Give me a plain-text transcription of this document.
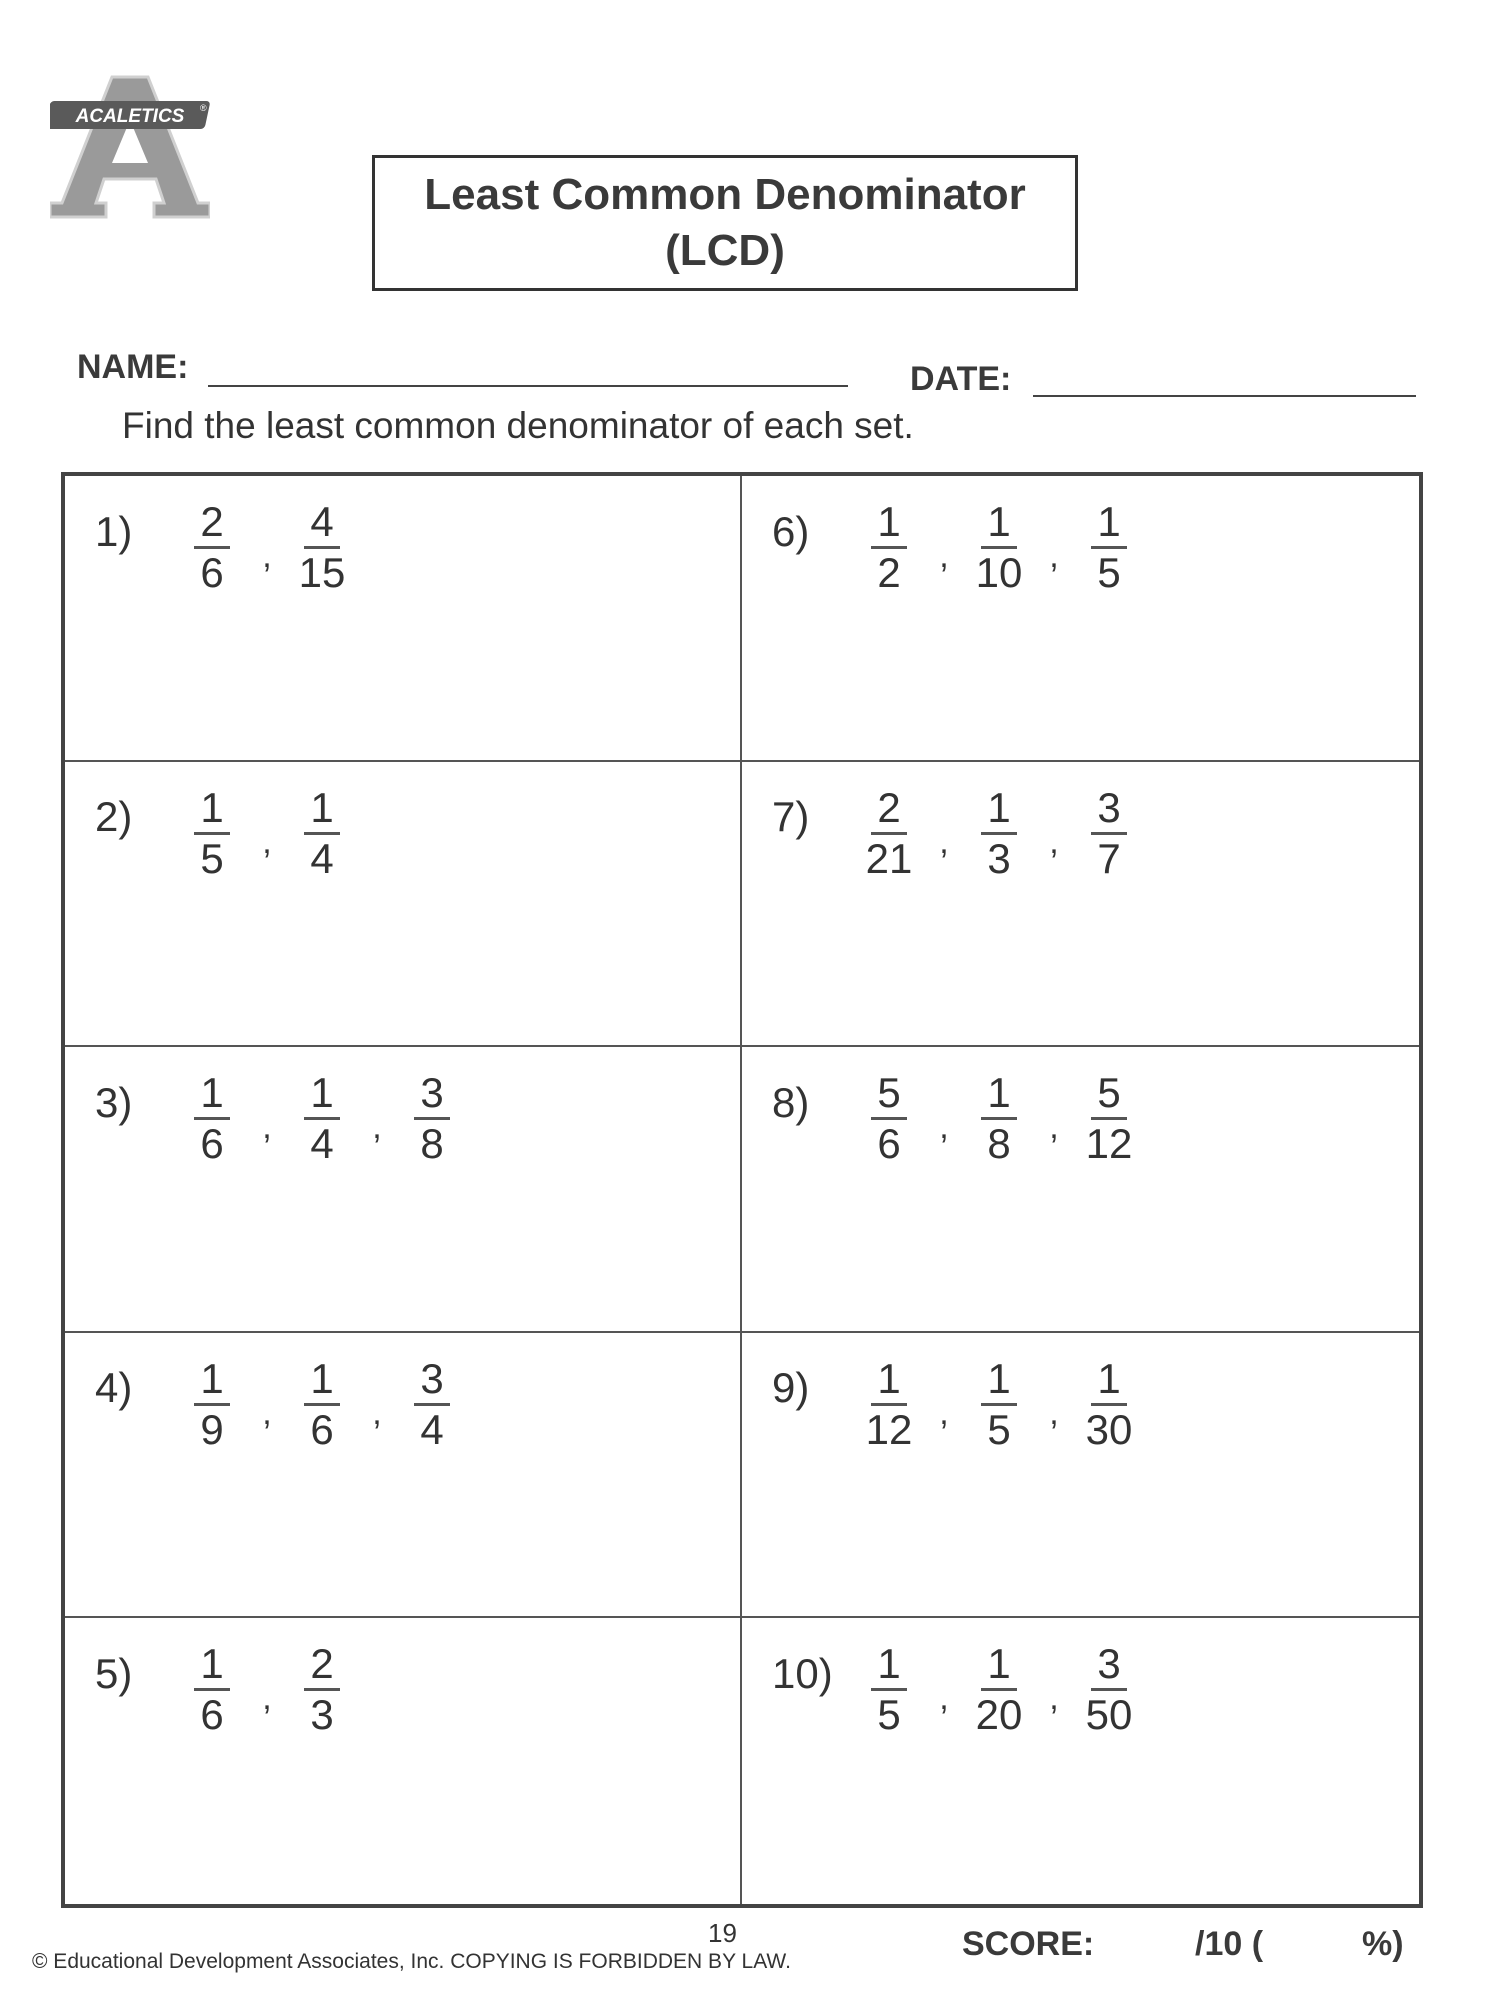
ACALETICS ®
Least Common Denominator
(LCD)
NAME:	DATE:
Find the least common denominator of each set.
1)	$\frac{2}{6}$ , $\frac{4}{15}$	6)	$\frac{1}{2}$ , $\frac{1}{10}$ , $\frac{1}{5}$
2)	$\frac{1}{5}$ , $\frac{1}{4}$	7)	$\frac{2}{21}$ , $\frac{1}{3}$ , $\frac{3}{7}$
3)	$\frac{1}{6}$ , $\frac{1}{4}$ , $\frac{3}{8}$	8)	$\frac{5}{6}$ , $\frac{1}{8}$ , $\frac{5}{12}$
4)	$\frac{1}{9}$ , $\frac{1}{6}$ , $\frac{3}{4}$	9)	$\frac{1}{12}$ , $\frac{1}{5}$ , $\frac{1}{30}$
5)	$\frac{1}{6}$ , $\frac{2}{3}$	$10) \frac{1}{5}$ , $\frac{1}{20}$ , $\frac{3}{50}$
19
© Educational Development Associates, Inc. COPYING IS FORBIDDEN BY LAW.	SCORE:	/10 (	%)
